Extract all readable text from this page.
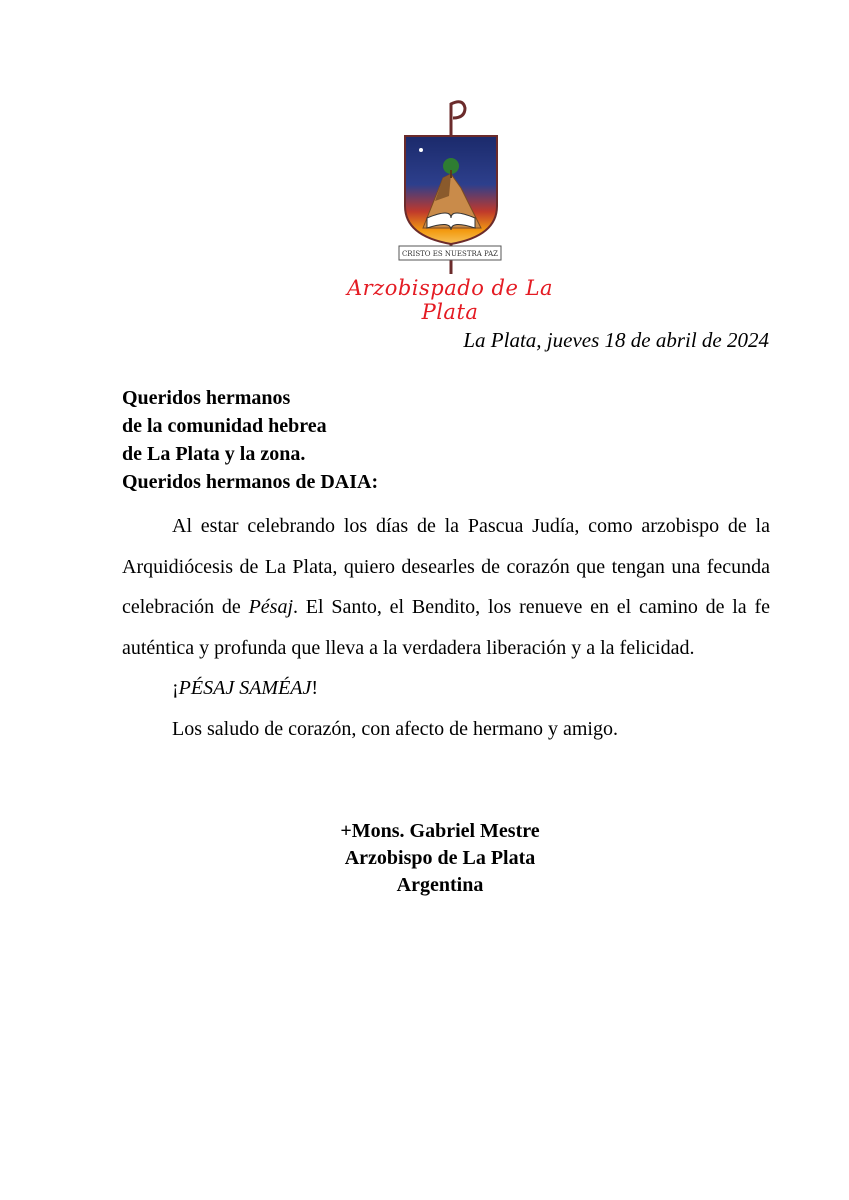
CRISTO ES NUESTRA PAZ
Arzobispado de La Plata
La Plata, jueves 18 de abril de 2024
Queridos hermanos
de la comunidad hebrea
de La Plata y la zona.
Queridos hermanos de DAIA:

Al estar celebrando los días de la Pascua Judía, como arzobispo de la Arquidiócesis de La Plata, quiero desearles de corazón que tengan una fecunda celebración de Pésaj. El Santo, el Bendito, los renueve en el camino de la fe auténtica y profunda que lleva a la verdadera liberación y a la felicidad.

¡PÉSAJ SAMÉAJ!

Los saludo de corazón, con afecto de hermano y amigo.

+Mons. Gabriel Mestre
Arzobispo de La Plata
Argentina
